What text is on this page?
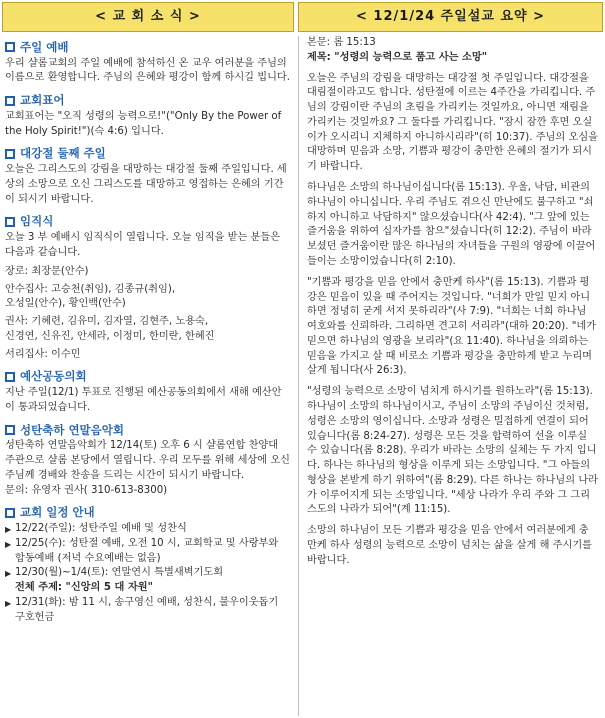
< 교 회 소 식 >	< 12/1/24 주일설교 요약 >
주일 예배
우리 샬롬교회의 주일 예배에 참석하신 온 교우 여러분을 주님의 이름으로 환영합니다. 주님의 은혜와 평강이 함께 하시길 빕니다.
교회표어
교회표어는 "오직 성령의 능력으로!"("Only By the Power of the Holy Spirit!")(슥 4:6) 입니다.
대강절 둘째 주일
오늘은 그리스도의 강림을 대망하는 대강절 둘째 주일입니다. 세상의 소망으로 오신 그리스도를 대망하고 영접하는 은혜의 기간이 되시기 바랍니다.
임직식
오늘 3 부 예배시 임직식이 열립니다. 오늘 임직을 받는 분들은 다음과 같습니다.
장로: 최장문(안수)
안수집사: 고승천(취임), 김종규(취임),
오성일(안수), 황인백(안수)
권사: 기혜련, 김유미, 김자열, 김현주, 노용숙,
신경연, 신유진, 안세라, 이정미, 한미란, 한혜진
서리집사: 이수민
예산공동의회
지난 주일(12/1) 투표로 진행된 예산공동의회에서 새해 예산안이 통과되었습니다.
성탄축하 연말음악회
성탄축하 연말음악회가 12/14(토) 오후 6 시 샬롬연합 찬양대 주관으로 샬롬 본당에서 열립니다. 우리 모두를 위해 세상에 오신 주님께 경배와 찬송을 드리는 시간이 되시기 바랍니다.
문의: 유영자 권사( 310-613-8300)
교회 일정 안내
▶ 12/22(주일): 성탄주일 예배 및 성찬식
▶ 12/25(수): 성탄절 예배, 오전 10 시, 교회학교 및 사랑부와 합동예배 (저녁 수요예배는 없음)
▶ 12/30(월)~1/4(토): 연말연시 특별새벽기도회
전체 주제: "신앙의 5 대 자원"
▶ 12/31(화): 밤 11 시, 송구영신 예배, 성찬식, 불우이웃돕기 구호헌금
본문: 롬 15:13
제목: "성령의 능력으로 품고 사는 소망"
오늘은 주님의 강림을 대망하는 대강절 첫 주일입니다. 대강절을 대림절이라고도 합니다. 성탄절에 이르는 4주간을 가리킵니다. 주님의 강림이란 주님의 초림을 가리키는 것일까요, 아니면 재림을 가리키는 것일까요? 그 둘다를 가리킵니다. "잠시 잠깐 후면 오실 이가 오시리니 지체하지 아니하시리라"(히 10:37). 주님의 오심을 대망하며 믿음과 소망, 기쁨과 평강이 충만한 은혜의 절기가 되시기 바랍니다.
하나님은 소망의 하나님이십니다(롬 15:13). 우울, 낙담, 비관의 하나님이 아니십니다. 우리 주님도 겪으신 만난에도 불구하고 "쇠하지 아니하고 낙담하지" 않으셨습니다(사 42:4). "그 앞에 있는 즐거움을 위하여 십자가를 참으"셨습니다(히 12:2). 주님이 바라보셨던 즐거움이란 많은 하나님의 자녀들을 구원의 영광에 이끌어 들이는 소망이었습니다(히 2:10).
"기쁨과 평강을 믿음 안에서 충만케 하사"(롬 15:13). 기쁨과 평강은 믿음이 있을 때 주어지는 것입니다. "너희가 만일 믿지 아니하면 정녕히 굳게 서지 못하리라"(사 7:9). "너희는 너희 하나님 여호와를 신뢰하라. 그리하면 견고히 서리라"(대하 20:20). "네가 믿으면 하나님의 영광을 보리라"(요 11:40). 하나님을 의뢰하는 믿음을 가지고 살 때 비로소 기쁨과 평강을 충만하게 받고 누리며 살게 됩니다(사 26:3).
"성령의 능력으로 소망이 넘치게 하시기를 원하노라"(롬 15:13). 하나님이 소망의 하나님이시고, 주님이 소망의 주님이신 것처럼, 성령은 소망의 영이십니다. 소망과 성령은 밀접하게 연결이 되어 있습니다(롬 8:24-27). 성령은 모든 것을 합력하여 선을 이루실 수 있습니다(롬 8:28). 우리가 바라는 소망의 실체는 두 가지 입니다. 하나는 하나님의 형상을 이루게 되는 소망입니다. "그 아들의 형상을 본받게 하기 위하여"(롬 8:29). 다른 하나는 하나님의 나라가 이루어지게 되는 소망입니다. "세상 나라가 우리 주와 그 그리스도의 나라가 되어"(계 11:15).
소망의 하나님이 모든 기쁨과 평강을 믿음 안에서 여러분에게 충만케 하사 성령의 능력으로 소망이 넘치는 삶을 살게 해 주시기를 바랍니다.
